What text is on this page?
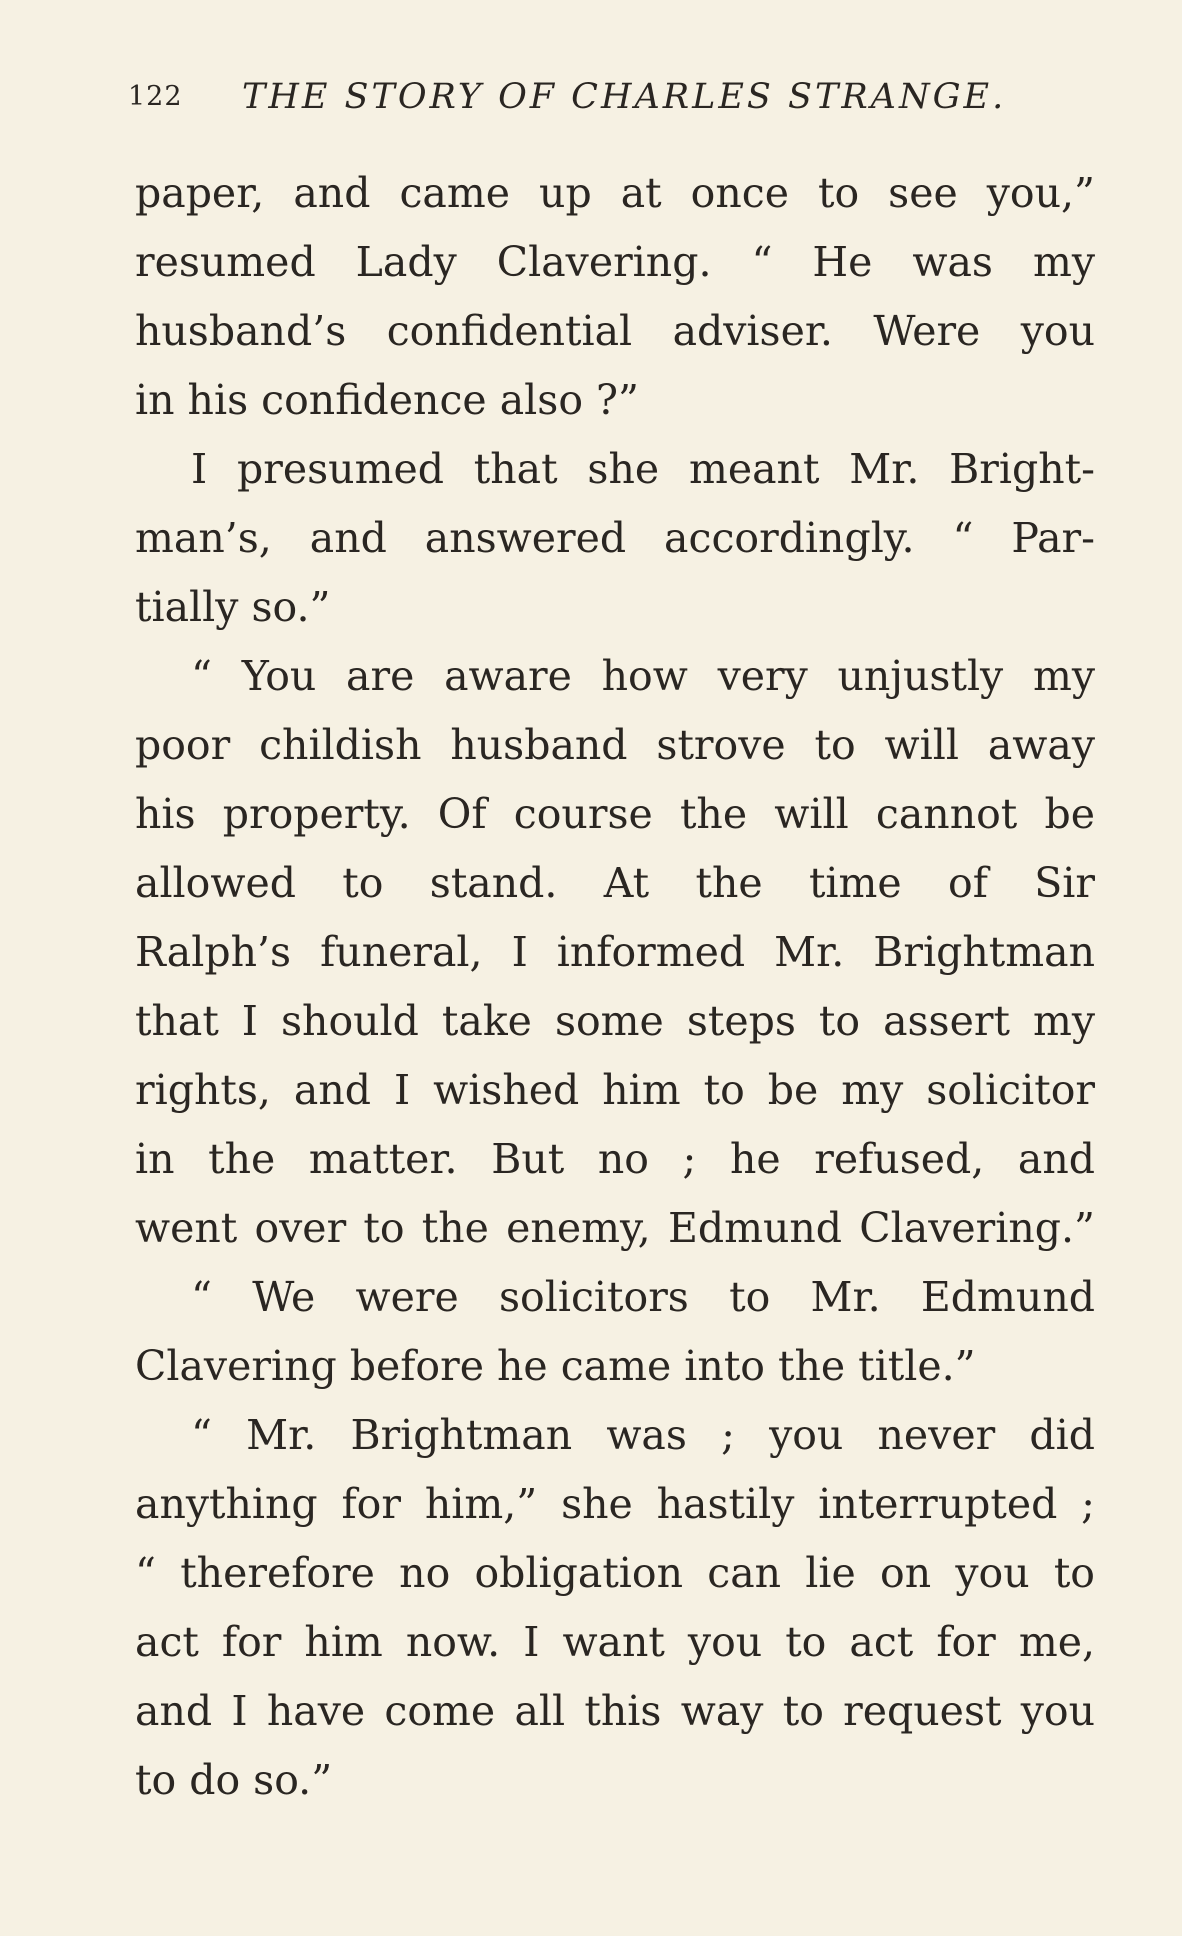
122 THE STORY OF CHARLES STRANGE.
paper, and came up at once to see you,”
resumed Lady Clavering. “ He was my
husband’s confidential adviser. Were you
in his confidence also ?”
I presumed that she meant Mr. Bright-
man’s, and answered accordingly. “ Par-
tially so.”
“ You are aware how very unjustly my
poor childish husband strove to will away
his property. Of course the will cannot be
allowed to stand. At the time of Sir
Ralph’s funeral, I informed Mr. Brightman
that I should take some steps to assert my
rights, and I wished him to be my solicitor
in the matter. But no ; he refused, and
went over to the enemy, Edmund Clavering.”
“ We were solicitors to Mr. Edmund
Clavering before he came into the title.”
“ Mr. Brightman was ; you never did
anything for him,” she hastily interrupted ;
“ therefore no obligation can lie on you to
act for him now. I want you to act for me,
and I have come all this way to request you
to do so.”
